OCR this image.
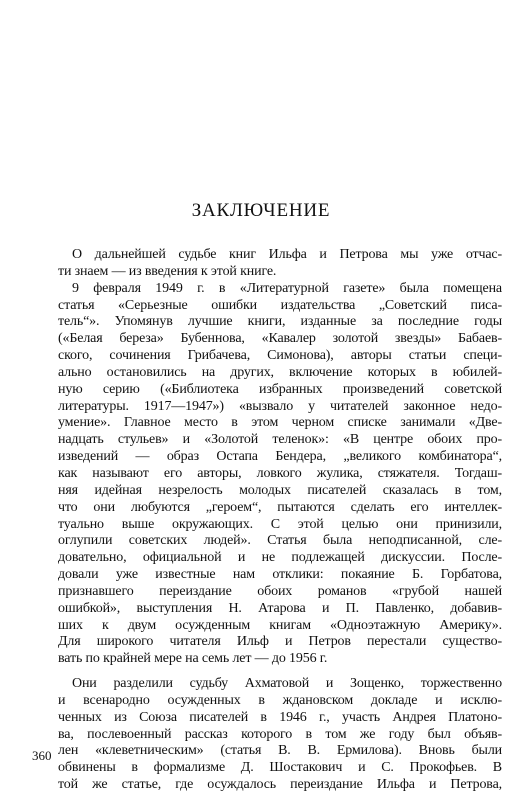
ЗАКЛЮЧЕНИЕ
О дальнейшей судьбе книг Ильфа и Петрова мы уже отчас-
ти знаем — из введения к этой книге.
9 февраля 1949 г. в «Литературной газете» была помещена
статья «Серьезные ошибки издательства „Советский писа-
тель“». Упомянув лучшие книги, изданные за последние годы
(«Белая береза» Бубеннова, «Кавалер золотой звезды» Бабаев-
ского, сочинения Грибачева, Симонова), авторы статьи специ-
ально остановились на других, включение которых в юбилей-
ную серию («Библиотека избранных произведений советской
литературы. 1917—1947») «вызвало у читателей законное недо-
умение». Главное место в этом черном списке занимали «Две-
надцать стульев» и «Золотой теленок»: «В центре обоих про-
изведений — образ Остапа Бендера, „великого комбинатора“,
как называют его авторы, ловкого жулика, стяжателя. Тогдаш-
няя идейная незрелость молодых писателей сказалась в том,
что они любуются „героем“, пытаются сделать его интеллек-
туально выше окружающих. С этой целью они принизили,
оглупили советских людей». Статья была неподписанной, сле-
довательно, официальной и не подлежащей дискуссии. После-
довали уже известные нам отклики: покаяние Б. Горбатова,
признавшего переиздание обоих романов «грубой нашей
ошибкой», выступления Н. Атарова и П. Павленко, добавив-
ших к двум осужденным книгам «Одноэтажную Америку».
Для широкого читателя Ильф и Петров перестали существо-
вать по крайней мере на семь лет — до 1956 г.
Они разделили судьбу Ахматовой и Зощенко, торжественно
и всенародно осужденных в ждановском докладе и исклю-
ченных из Союза писателей в 1946 г., участь Андрея Платоно-
ва, послевоенный рассказ которого в том же году был объяв-
лен «клеветническим» (статья В. В. Ермилова). Вновь были
обвинены в формализме Д. Шостакович и С. Прокофьев. В
той же статье, где осуждалось переиздание Ильфа и Петрова,
360
